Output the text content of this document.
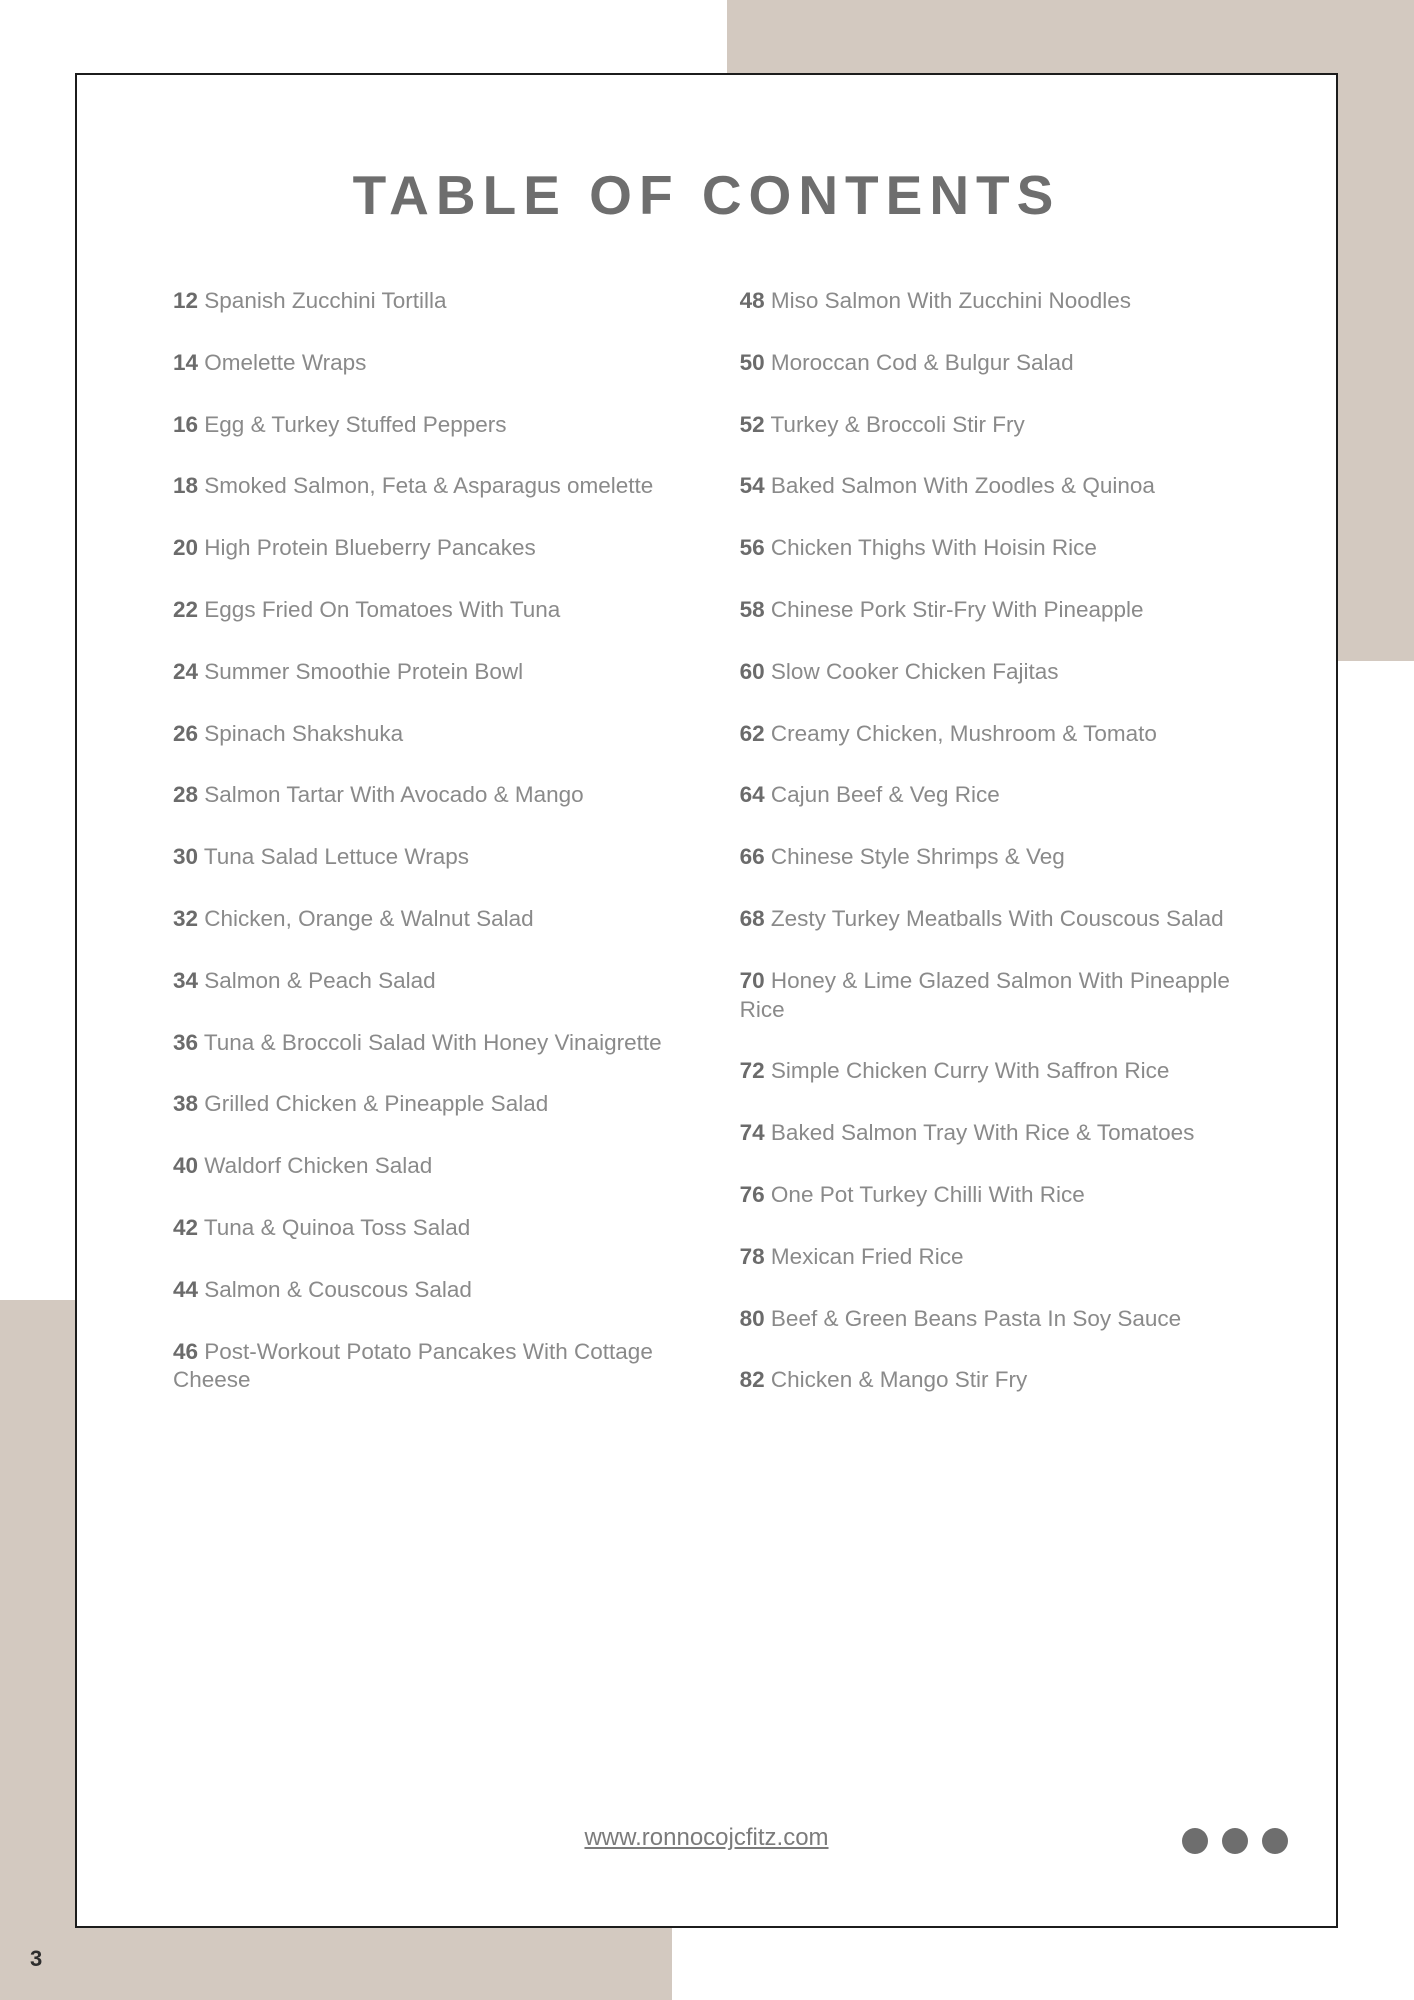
TABLE OF CONTENTS
12 Spanish Zucchini Tortilla
14 Omelette Wraps
16 Egg & Turkey Stuffed Peppers
18 Smoked Salmon, Feta & Asparagus omelette
20 High Protein Blueberry Pancakes
22 Eggs Fried On Tomatoes With Tuna
24 Summer Smoothie Protein Bowl
26 Spinach Shakshuka
28 Salmon Tartar With Avocado & Mango
30 Tuna Salad Lettuce Wraps
32 Chicken, Orange & Walnut Salad
34 Salmon & Peach Salad
36 Tuna & Broccoli Salad With Honey Vinaigrette
38 Grilled Chicken & Pineapple Salad
40 Waldorf Chicken Salad
42 Tuna & Quinoa Toss Salad
44 Salmon & Couscous Salad
46 Post-Workout Potato Pancakes With Cottage Cheese
48 Miso Salmon With Zucchini Noodles
50 Moroccan Cod & Bulgur Salad
52 Turkey & Broccoli Stir Fry
54 Baked Salmon With Zoodles & Quinoa
56 Chicken Thighs With Hoisin Rice
58 Chinese Pork Stir-Fry With Pineapple
60 Slow Cooker Chicken Fajitas
62 Creamy Chicken, Mushroom & Tomato
64 Cajun Beef & Veg Rice
66 Chinese Style Shrimps & Veg
68 Zesty Turkey Meatballs With Couscous Salad
70 Honey & Lime Glazed Salmon With Pineapple Rice
72 Simple Chicken Curry With Saffron Rice
74 Baked Salmon Tray With Rice & Tomatoes
76 One Pot Turkey Chilli With Rice
78 Mexican Fried Rice
80 Beef & Green Beans Pasta In Soy Sauce
82 Chicken & Mango Stir Fry
www.ronnocojcfitz.com
3
